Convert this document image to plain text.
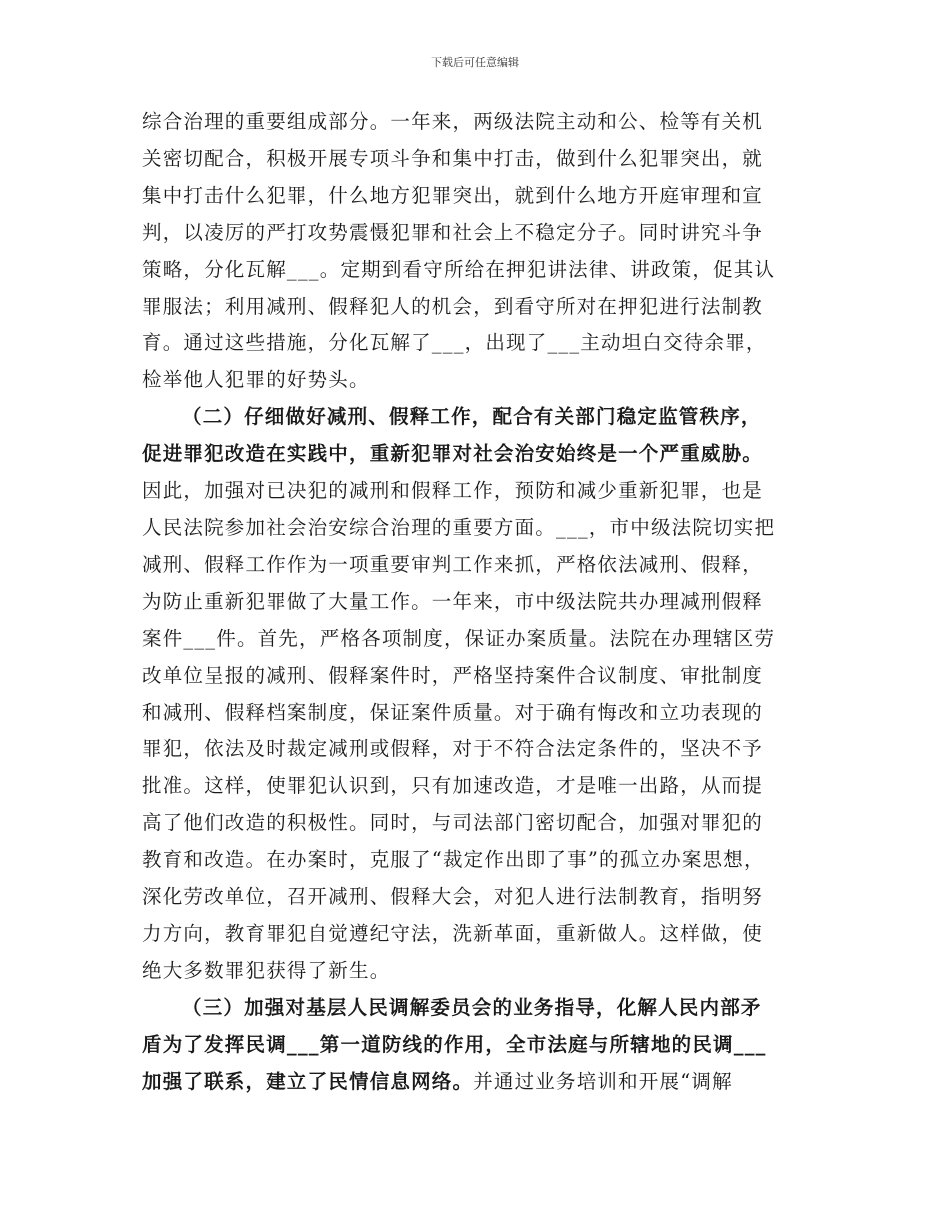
下载后可任意编辑
综合治理的重要组成部分。一年来，两级法院主动和公、检等有关机
关密切配合，积极开展专项斗争和集中打击，做到什么犯罪突出，就
集中打击什么犯罪，什么地方犯罪突出，就到什么地方开庭审理和宣
判，以凌厉的严打攻势震慑犯罪和社会上不稳定分子。同时讲究斗争
策略，分化瓦解___。定期到看守所给在押犯讲法律、讲政策，促其认
罪服法；利用减刑、假释犯人的机会，到看守所对在押犯进行法制教
育。通过这些措施，分化瓦解了___，出现了___主动坦白交待余罪，
检举他人犯罪的好势头。
（二）仔细做好减刑、假释工作，配合有关部门稳定监管秩序，
促进罪犯改造在实践中，重新犯罪对社会治安始终是一个严重威胁。
因此，加强对已决犯的减刑和假释工作，预防和减少重新犯罪，也是
人民法院参加社会治安综合治理的重要方面。___，市中级法院切实把
减刑、假释工作作为一项重要审判工作来抓，严格依法减刑、假释，
为防止重新犯罪做了大量工作。一年来，市中级法院共办理减刑假释
案件___件。首先，严格各项制度，保证办案质量。法院在办理辖区劳
改单位呈报的减刑、假释案件时，严格坚持案件合议制度、审批制度
和减刑、假释档案制度，保证案件质量。对于确有悔改和立功表现的
罪犯，依法及时裁定减刑或假释，对于不符合法定条件的，坚决不予
批准。这样，使罪犯认识到，只有加速改造，才是唯一出路，从而提
高了他们改造的积极性。同时，与司法部门密切配合，加强对罪犯的
教育和改造。在办案时，克服了“裁定作出即了事”的孤立办案思想，
深化劳改单位，召开减刑、假释大会，对犯人进行法制教育，指明努
力方向，教育罪犯自觉遵纪守法，洗新革面，重新做人。这样做，使
绝大多数罪犯获得了新生。
（三）加强对基层人民调解委员会的业务指导，化解人民内部矛
盾为了发挥民调___第一道防线的作用，全市法庭与所辖地的民调___
加强了联系，建立了民情信息网络。并通过业务培训和开展“调解
